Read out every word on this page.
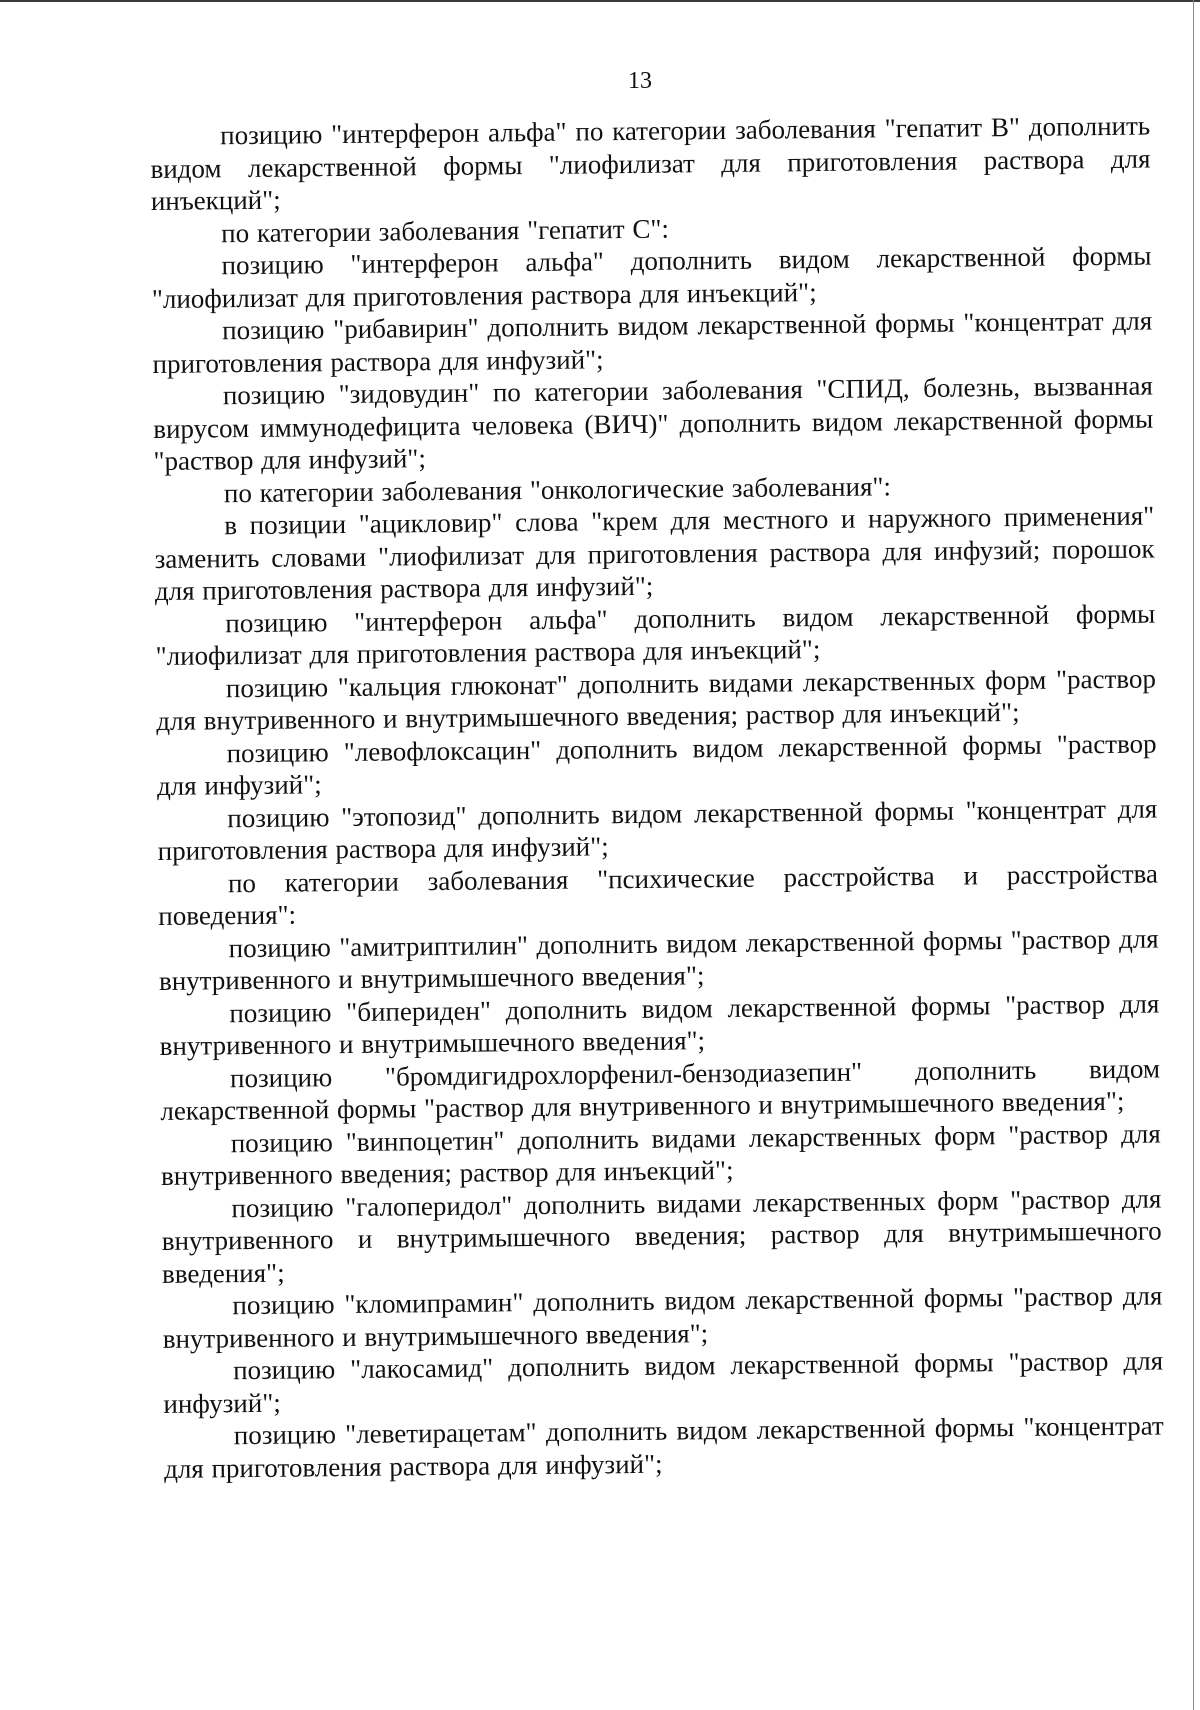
13

позицию "интерферон альфа" по категории заболевания "гепатит B" дополнить видом лекарственной формы "лиофилизат для приготовления раствора для инъекций";

по категории заболевания "гепатит C":

позицию "интерферон альфа" дополнить видом лекарственной формы "лиофилизат для приготовления раствора для инъекций";

позицию "рибавирин" дополнить видом лекарственной формы "концентрат для приготовления раствора для инфузий";

позицию "зидовудин" по категории заболевания "СПИД, болезнь, вызванная вирусом иммунодефицита человека (ВИЧ)" дополнить видом лекарственной формы "раствор для инфузий";

по категории заболевания "онкологические заболевания":

в позиции "ацикловир" слова "крем для местного и наружного применения" заменить словами "лиофилизат для приготовления раствора для инфузий; порошок для приготовления раствора для инфузий";

позицию "интерферон альфа" дополнить видом лекарственной формы "лиофилизат для приготовления раствора для инъекций";

позицию "кальция глюконат" дополнить видами лекарственных форм "раствор для внутривенного и внутримышечного введения; раствор для инъекций";

позицию "левофлоксацин" дополнить видом лекарственной формы "раствор для инфузий";

позицию "этопозид" дополнить видом лекарственной формы "концентрат для приготовления раствора для инфузий";

по категории заболевания "психические расстройства и расстройства поведения":

позицию "амитриптилин" дополнить видом лекарственной формы "раствор для внутривенного и внутримышечного введения";

позицию "бипериден" дополнить видом лекарственной формы "раствор для внутривенного и внутримышечного введения";

позицию "бромдигидрохлорфенил-бензодиазепин" дополнить видом лекарственной формы "раствор для внутривенного и внутримышечного введения";

позицию "винпоцетин" дополнить видами лекарственных форм "раствор для внутривенного введения; раствор для инъекций";

позицию "галоперидол" дополнить видами лекарственных форм "раствор для внутривенного и внутримышечного введения; раствор для внутримышечного введения";

позицию "кломипрамин" дополнить видом лекарственной формы "раствор для внутривенного и внутримышечного введения";

позицию "лакосамид" дополнить видом лекарственной формы "раствор для инфузий";

позицию "леветирацетам" дополнить видом лекарственной формы "концентрат для приготовления раствора для инфузий";
